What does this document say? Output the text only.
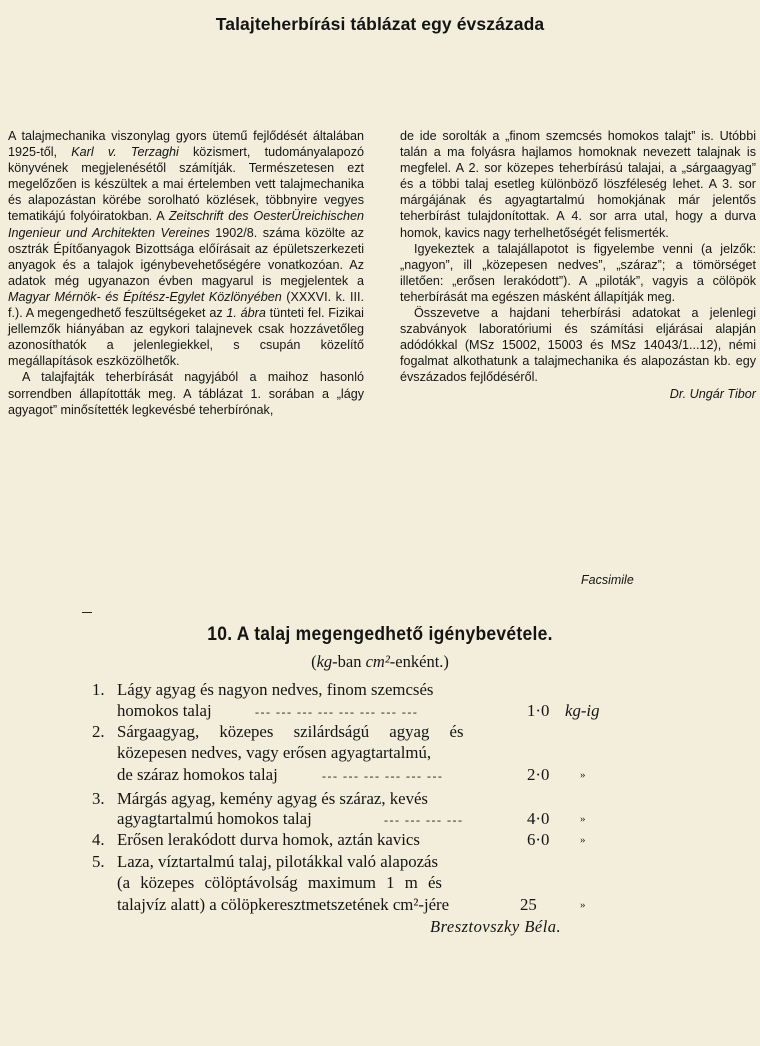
Talajteherbírási táblázat egy évszázada

A talajmechanika viszonylag gyors ütemű fejlődését általában 1925-től, Karl v. Terzaghi közismert, tudományalapozó könyvének megjelenésétől számítják. Természetesen ezt megelőzően is készültek a mai értelemben vett talajmechanika és alapozástan körébe sorolható közlések, többnyire vegyes tematikájú folyóiratokban. A Zeitschrift des OesterÜreichischen Ingenieur und Architekten Vereines 1902/8. száma közölte az osztrák Építőanyagok Bizottsága előírásait az épületszerkezeti anyagok és a talajok igénybevehetőségére vonatkozóan. Az adatok még ugyanazon évben magyarul is megjelentek a Magyar Mérnök- és Építész-Egylet Közlönyében (XXXVI. k. III. f.). A megengedhető feszültségeket az 1. ábra tünteti fel. Fizikai jellemzők hiányában az egykori talajnevek csak hozzávetőleg azonosíthatók a jelenlegiekkel, s csupán közelítő megállapítások eszközölhetők.

A talajfajták teherbírását nagyjából a maihoz hasonló sorrendben állapították meg. A táblázat 1. sorában a „lágy agyagot” minősítették legkevésbé teherbírónak,

de ide sorolták a „finom szemcsés homokos talajt” is. Utóbbi talán a ma folyásra hajlamos homoknak nevezett talajnak is megfelel. A 2. sor közepes teherbírású talajai, a „sárgaagyag” és a többi talaj esetleg különböző löszféleség lehet. A 3. sor márgájának és agyagtartalmú homokjának már jelentős teherbírást tulajdonítottak. A 4. sor arra utal, hogy a durva homok, kavics nagy terhelhetőségét felismerték.

Igyekeztek a talajállapotot is figyelembe venni (a jelzők: „nagyon”, ill „közepesen nedves”, „száraz”; a tömörséget illetően: „erősen lerakódott”). A „piloták”, vagyis a cölöpök teherbírását ma egészen másként állapítják meg.

Összevetve a hajdani teherbírási adatokat a jelenlegi szabványok laboratóriumi és számítási eljárásai alapján adódókkal (MSz 15002, 15003 és MSz 14043/1...12), némi fogalmat alkothatunk a talajmechanika és alapozástan kb. egy évszázados fejlődéséről.

Dr. Ungár Tibor

Facsimile
10. A talaj megengedhető igénybevétele.
(kg-ban cm²-enként.)
1. Lágy agyag és nagyon nedves, finom szemcsés
homokos talaj	--- --- --- --- --- --- --- ---	1·0 kg-ig
2. Sárgaagyag, közepes szilárdságú agyag és
közepesen nedves, vagy erősen agyagtartalmú,
de száraz homokos talaj	--- --- --- --- --- ---	2·0	»
3. Márgás agyag, kemény agyag és száraz, kevés
agyagtartalmú homokos talaj	--- --- --- ---	4·0	»
4. Erősen lerakódott durva homok, aztán kavics	6·0	»
5. Laza, víztartalmú talaj, pilotákkal való alapozás
(a közepes cölöptávolság maximum 1 m és
talajvíz alatt) a cölöpkeresztmetszetének cm²-jére	25	»
Bresztovszky Béla.
